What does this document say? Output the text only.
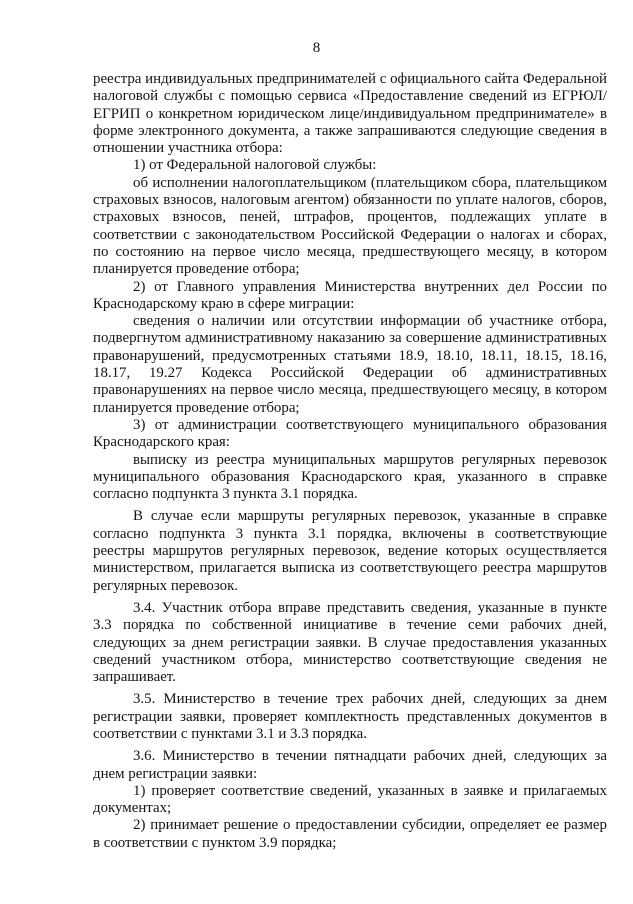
8

реестра индивидуальных предпринимателей с официального сайта Федеральной налоговой службы с помощью сервиса «Предоставление сведений из ЕГРЮЛ/ЕГРИП о конкретном юридическом лице/индивидуальном предпринимателе» в форме электронного документа, а также запрашиваются следующие сведения в отношении участника отбора:

1) от Федеральной налоговой службы:

об исполнении налогоплательщиком (плательщиком сбора, плательщиком страховых взносов, налоговым агентом) обязанности по уплате налогов, сборов, страховых взносов, пеней, штрафов, процентов, подлежащих уплате в соответствии с законодательством Российской Федерации о налогах и сборах, по состоянию на первое число месяца, предшествующего месяцу, в котором планируется проведение отбора;

2) от Главного управления Министерства внутренних дел России по Краснодарскому краю в сфере миграции:

сведения о наличии или отсутствии информации об участнике отбора, подвергнутом административному наказанию за совершение административных правонарушений, предусмотренных статьями 18.9, 18.10, 18.11, 18.15, 18.16, 18.17, 19.27 Кодекса Российской Федерации об административных правонарушениях на первое число месяца, предшествующего месяцу, в котором планируется проведение отбора;

3) от администрации соответствующего муниципального образования Краснодарского края:

выписку из реестра муниципальных маршрутов регулярных перевозок муниципального образования Краснодарского края, указанного в справке согласно подпункта 3 пункта 3.1 порядка.

В случае если маршруты регулярных перевозок, указанные в справке согласно подпункта 3 пункта 3.1 порядка, включены в соответствующие реестры маршрутов регулярных перевозок, ведение которых осуществляется министерством, прилагается выписка из соответствующего реестра маршрутов регулярных перевозок.

3.4. Участник отбора вправе представить сведения, указанные в пункте 3.3 порядка по собственной инициативе в течение семи рабочих дней, следующих за днем регистрации заявки. В случае предоставления указанных сведений участником отбора, министерство соответствующие сведения не запрашивает.

3.5. Министерство в течение трех рабочих дней, следующих за днем регистрации заявки, проверяет комплектность представленных документов в соответствии с пунктами 3.1 и 3.3 порядка.

3.6. Министерство в течении пятнадцати рабочих дней, следующих за днем регистрации заявки:

1) проверяет соответствие сведений, указанных в заявке и прилагаемых документах;

2) принимает решение о предоставлении субсидии, определяет ее размер в соответствии с пунктом 3.9 порядка;
